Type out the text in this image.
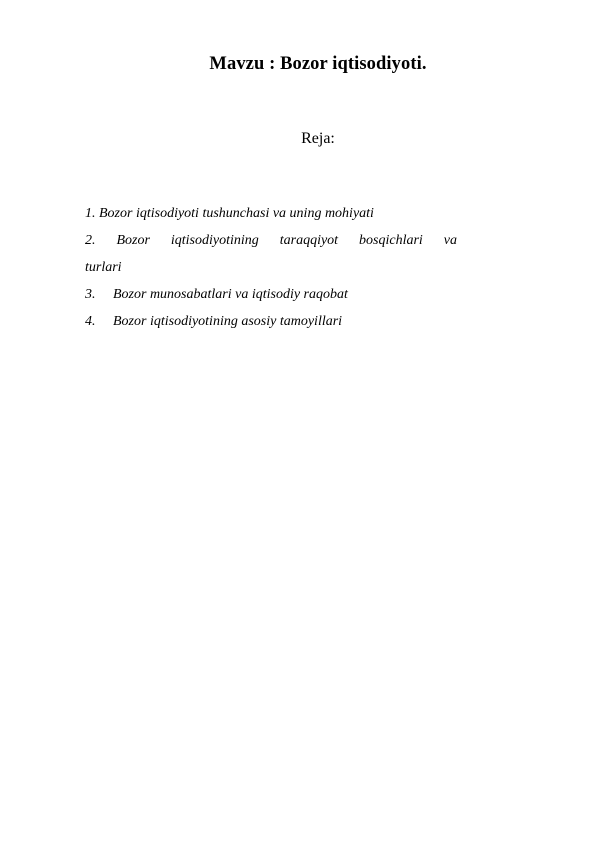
Mavzu : Bozor iqtisodiyoti.

Reja:

1. Bozor iqtisodiyoti tushunchasi va uning mohiyati
2. Bozor iqtisodiyotining taraqqiyot bosqichlari va
turlari
3. Bozor munosabatlari va iqtisodiy raqobat
4. Bozor iqtisodiyotining asosiy tamoyillari
